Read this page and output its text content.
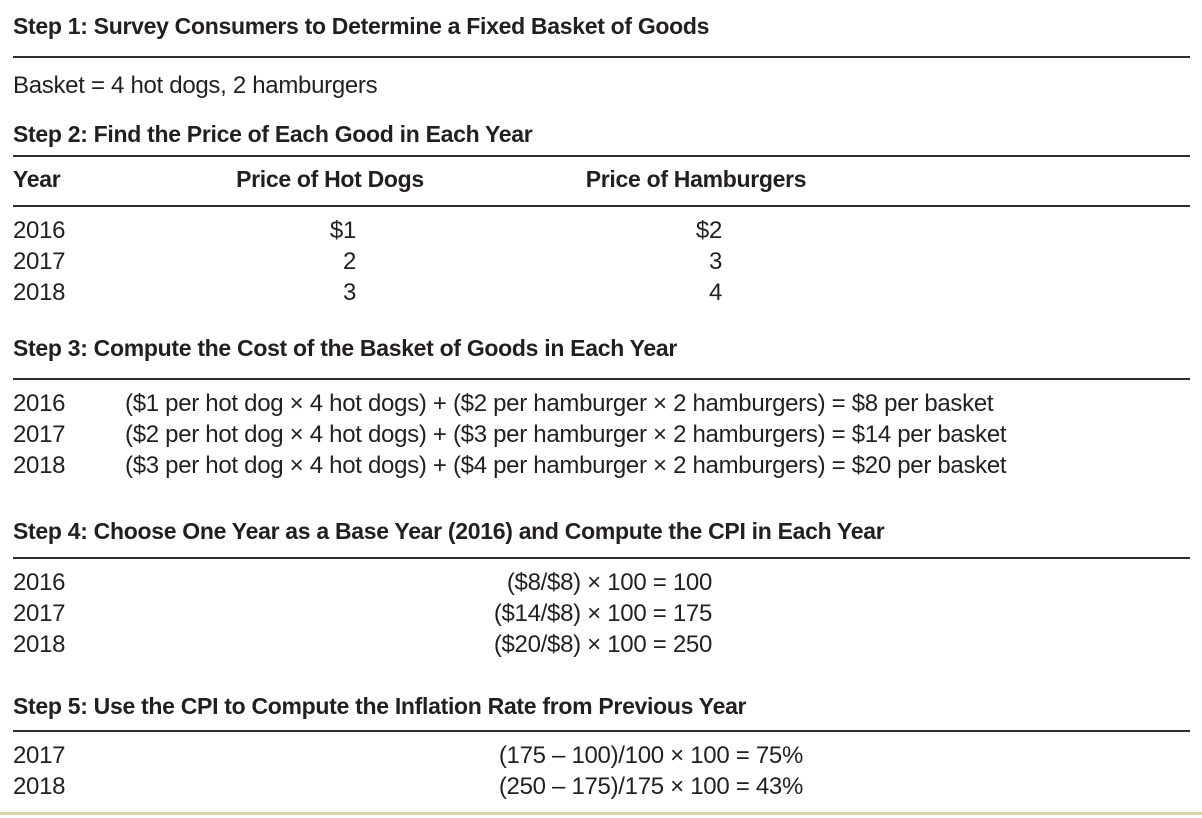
Step 1: Survey Consumers to Determine a Fixed Basket of Goods
Basket = 4 hot dogs, 2 hamburgers
Step 2: Find the Price of Each Good in Each Year
Year	Price of Hot Dogs	Price of Hamburgers
2016	$1	$2
2017	2	3
2018	3	4
Step 3: Compute the Cost of the Basket of Goods in Each Year
2016	($1 per hot dog × 4 hot dogs) + ($2 per hamburger × 2 hamburgers) = $8 per basket
2017	($2 per hot dog × 4 hot dogs) + ($3 per hamburger × 2 hamburgers) = $14 per basket
2018	($3 per hot dog × 4 hot dogs) + ($4 per hamburger × 2 hamburgers) = $20 per basket
Step 4: Choose One Year as a Base Year (2016) and Compute the CPI in Each Year
2016	($8/$8) × 100 = 100
2017	($14/$8) × 100 = 175
2018	($20/$8) × 100 = 250
Step 5: Use the CPI to Compute the Inflation Rate from Previous Year
2017	(175 – 100)/100 × 100 = 75%
2018	(250 – 175)/175 × 100 = 43%
